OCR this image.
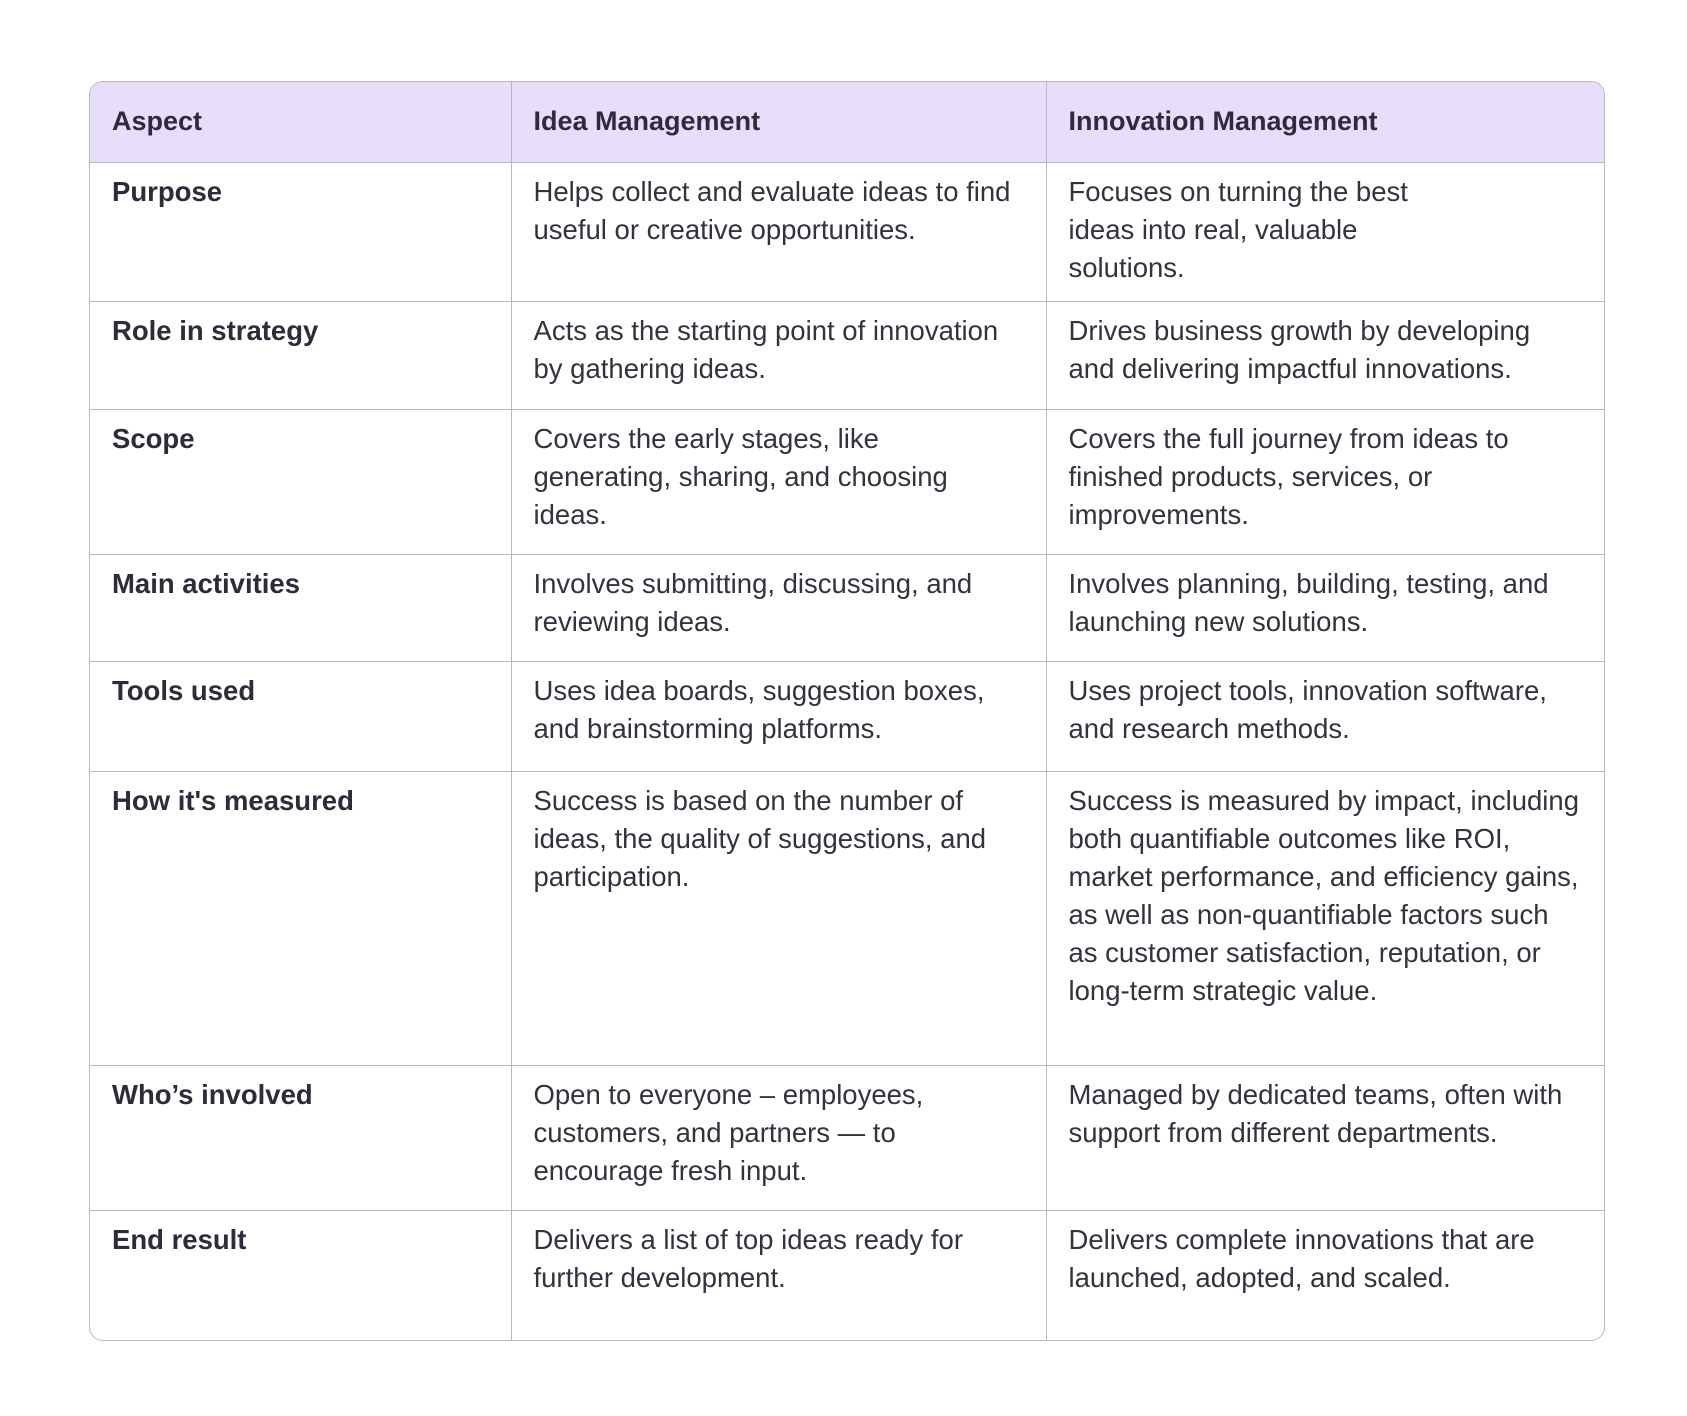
Aspect	Idea Management	Innovation Management
Purpose	Helps collect and evaluate ideas to find useful or creative opportunities.	Focuses on turning the best ideas into real, valuable solutions.

Role in strategy	Acts as the starting point of innovation by gathering ideas.	Drives business growth by developing and delivering impactful innovations.
Scope	Covers the early stages, like generating, sharing, and choosing ideas.	Covers the full journey from ideas to finished products, services, or improvements.
Main activities	Involves submitting, discussing, and reviewing ideas.	Involves planning, building, testing, and launching new solutions.
Tools used	Uses idea boards, suggestion boxes, and brainstorming platforms.	Uses project tools, innovation software, and research methods.
How it's measured	Success is based on the number of ideas, the quality of suggestions, and participation.	Success is measured by impact, including both quantifiable outcomes like ROI, market performance, and efficiency gains, as well as non-quantifiable factors such as customer satisfaction, reputation, or long-term strategic value.
Who’s involved	Open to everyone – employees, customers, and partners — to encourage fresh input.	Managed by dedicated teams, often with support from different departments.
End result	Delivers a list of top ideas ready for further development.	Delivers complete innovations that are launched, adopted, and scaled.
